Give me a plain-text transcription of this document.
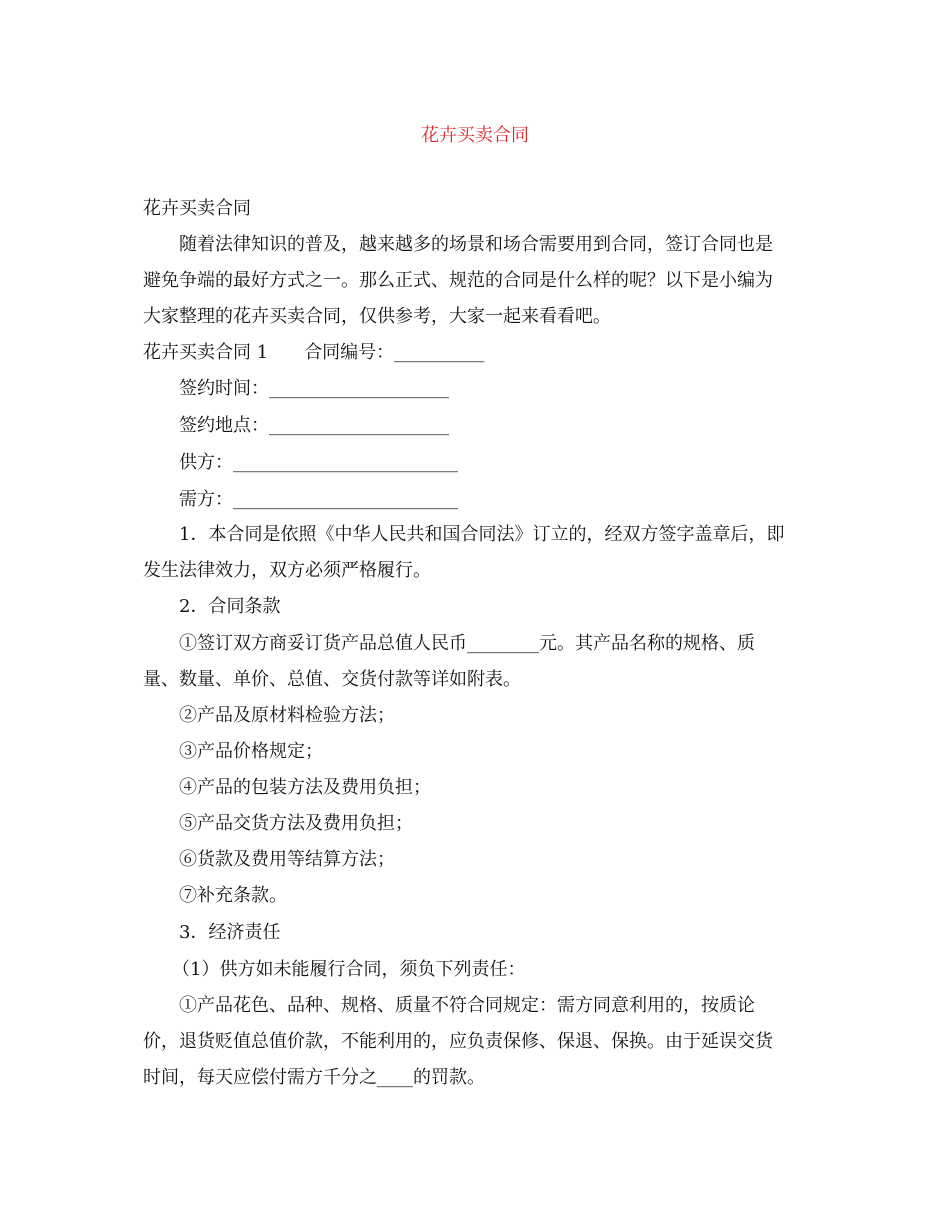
花卉买卖合同
花卉买卖合同
随着法律知识的普及，越来越多的场景和场合需要用到合同，签订合同也是
避免争端的最好方式之一。那么正式、规范的合同是什么样的呢？以下是小编为
大家整理的花卉买卖合同，仅供参考，大家一起来看看吧。
花卉买卖合同 1 合同编号：__________
签约时间：____________________
签约地点：____________________
供方：_________________________
需方：_________________________
1．本合同是依照《中华人民共和国合同法》订立的，经双方签字盖章后，即
发生法律效力，双方必须严格履行。
2．合同条款
①签订双方商妥订货产品总值人民币________元。其产品名称的规格、质
量、数量、单价、总值、交货付款等详如附表。
②产品及原材料检验方法；
③产品价格规定；
④产品的包装方法及费用负担；
⑤产品交货方法及费用负担；
⑥货款及费用等结算方法；
⑦补充条款。
3．经济责任
（1）供方如未能履行合同，须负下列责任：
①产品花色、品种、规格、质量不符合同规定：需方同意利用的，按质论
价，退货贬值总值价款，不能利用的，应负责保修、保退、保换。由于延误交货
时间，每天应偿付需方千分之____的罚款。
